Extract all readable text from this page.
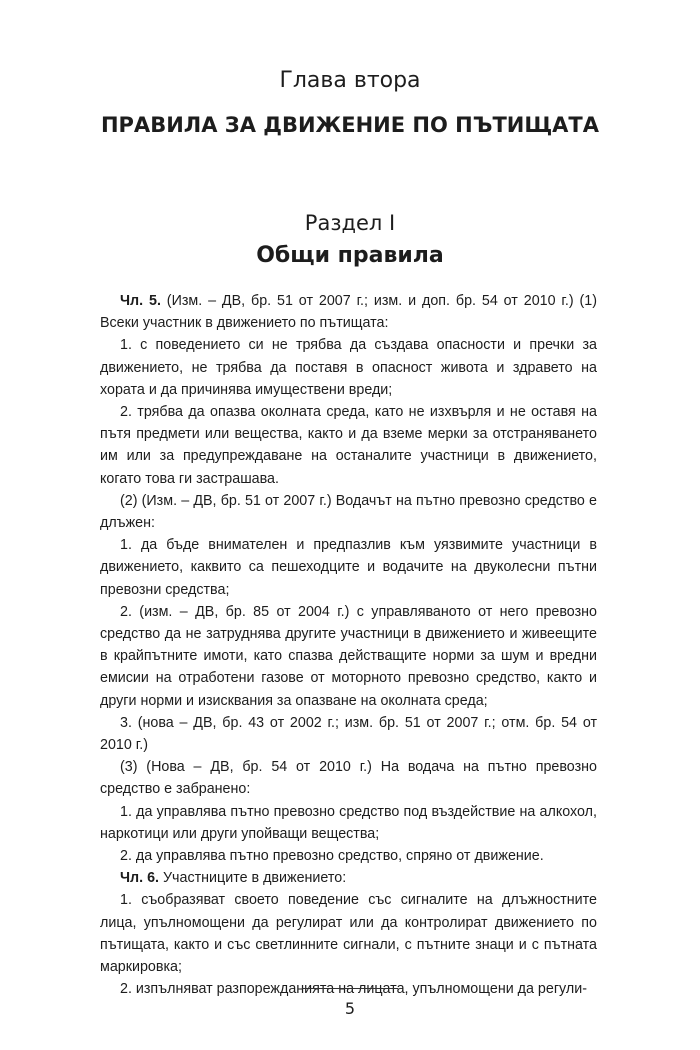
Глава втора
ПРАВИЛА ЗА ДВИЖЕНИЕ ПО ПЪТИЩАТА
Раздел I
Общи правила

Чл. 5. (Изм. – ДВ, бр. 51 от 2007 г.; изм. и доп. бр. 54 от 2010 г.) (1) Всеки участник в движението по пътищата:

1. с поведението си не трябва да създава опасности и пречки за движението, не трябва да поставя в опасност живота и здравето на хората и да причинява имуществени вреди;

2. трябва да опазва околната среда, като не изхвърля и не оставя на пътя предмети или вещества, както и да вземе мерки за отстраняването им или за предупреждаване на останалите участници в движението, когато това ги застрашава.

(2) (Изм. – ДВ, бр. 51 от 2007 г.) Водачът на пътно превозно средство е длъжен:

1. да бъде внимателен и предпазлив към уязвимите участници в движението, каквито са пешеходците и водачите на двуколесни пътни превозни средства;

2. (изм. – ДВ, бр. 85 от 2004 г.) с управляваното от него превозно средство да не затруднява другите участници в движението и живеещите в крайпътните имоти, като спазва действащите норми за шум и вредни емисии на отработени газове от моторното превозно средство, както и други норми и изисквания за опазване на околната среда;

3. (нова – ДВ, бр. 43 от 2002 г.; изм. бр. 51 от 2007 г.; отм. бр. 54 от 2010 г.)

(3) (Нова – ДВ, бр. 54 от 2010 г.) На водача на пътно превозно средство е забранено:

1. да управлява пътно превозно средство под въздействие на алкохол, наркотици или други упойващи вещества;

2. да управлява пътно превозно средство, спряно от движение.

Чл. 6. Участниците в движението:

1. съобразяват своето поведение със сигналите на длъжностните лица, упълномощени да регулират или да контролират движението по пътищата, както и със светлинните сигнали, с пътните знаци и с пътната маркировка;

2. изпълняват разпорежданията на лицата, упълномощени да регули-

5
